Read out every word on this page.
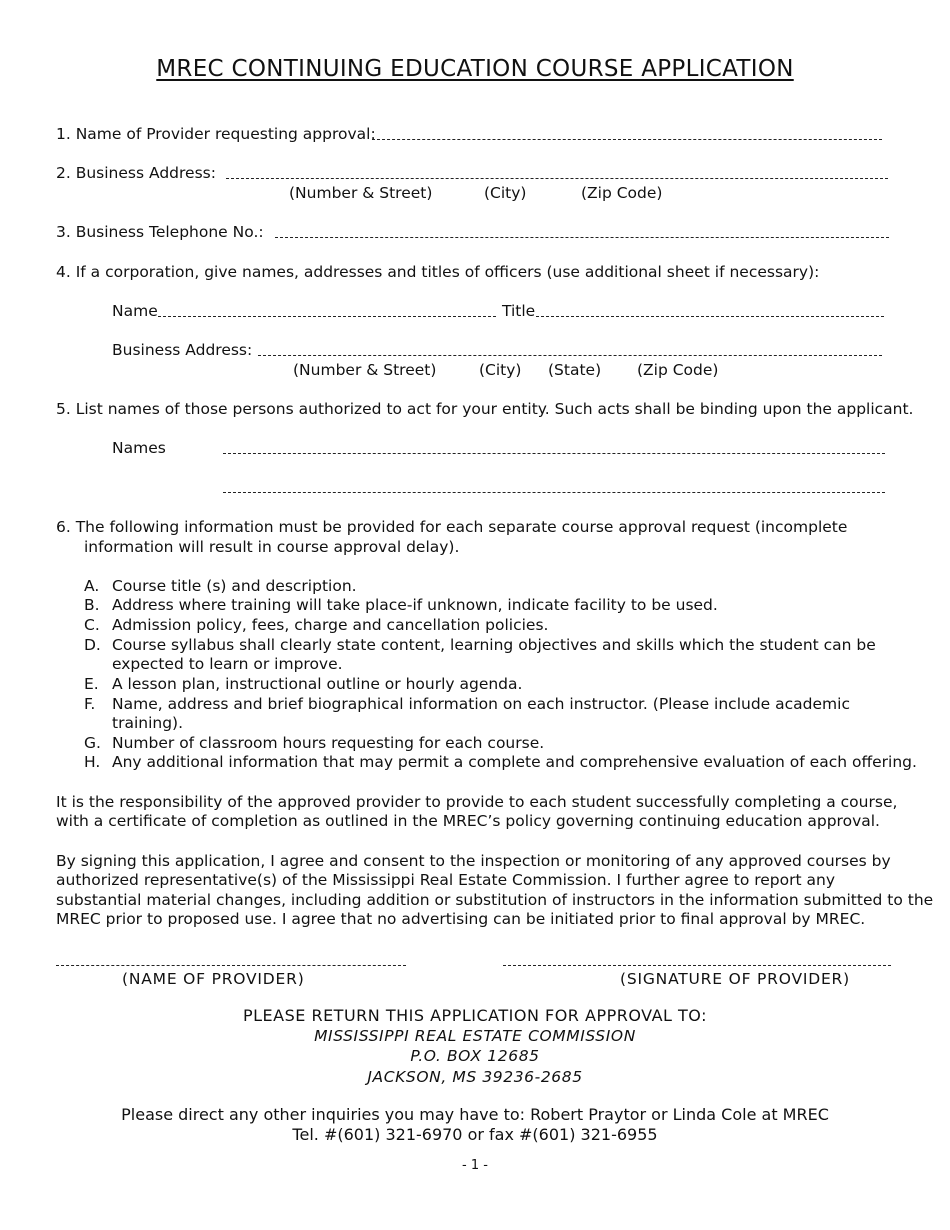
MREC CONTINUING EDUCATION COURSE APPLICATION
1. Name of Provider requesting approval:
2. Business Address:
(Number & Street)	(City)	(Zip Code)
3. Business Telephone No.:
4. If a corporation, give names, addresses and titles of officers (use additional sheet if necessary):
Name	Title
Business Address:
(Number & Street)	(City) (State) (Zip Code)
5. List names of those persons authorized to act for your entity. Such acts shall be binding upon the applicant.
Names
6. The following information must be provided for each separate course approval request (incomplete
information will result in course approval delay).
A. Course title (s) and description.
B. Address where training will take place-if unknown, indicate facility to be used.
C. Admission policy, fees, charge and cancellation policies.
D. Course syllabus shall clearly state content, learning objectives and skills which the student can be
expected to learn or improve.
E. A lesson plan, instructional outline or hourly agenda.
F. Name, address and brief biographical information on each instructor. (Please include academic
training).
G. Number of classroom hours requesting for each course.
H. Any additional information that may permit a complete and comprehensive evaluation of each offering.
It is the responsibility of the approved provider to provide to each student successfully completing a course,
with a certificate of completion as outlined in the MREC’s policy governing continuing education approval.
By signing this application, I agree and consent to the inspection or monitoring of any approved courses by
authorized representative(s) of the Mississippi Real Estate Commission. I further agree to report any
substantial material changes, including addition or substitution of instructors in the information submitted to the
MREC prior to proposed use. I agree that no advertising can be initiated prior to final approval by MREC.
(NAME OF PROVIDER)	(SIGNATURE OF PROVIDER)
PLEASE RETURN THIS APPLICATION FOR APPROVAL TO:
MISSISSIPPI REAL ESTATE COMMISSION
P.O. BOX 12685
JACKSON, MS 39236-2685
Please direct any other inquiries you may have to: Robert Praytor or Linda Cole at MREC
Tel. #(601) 321-6970 or fax #(601) 321-6955
- 1 -
